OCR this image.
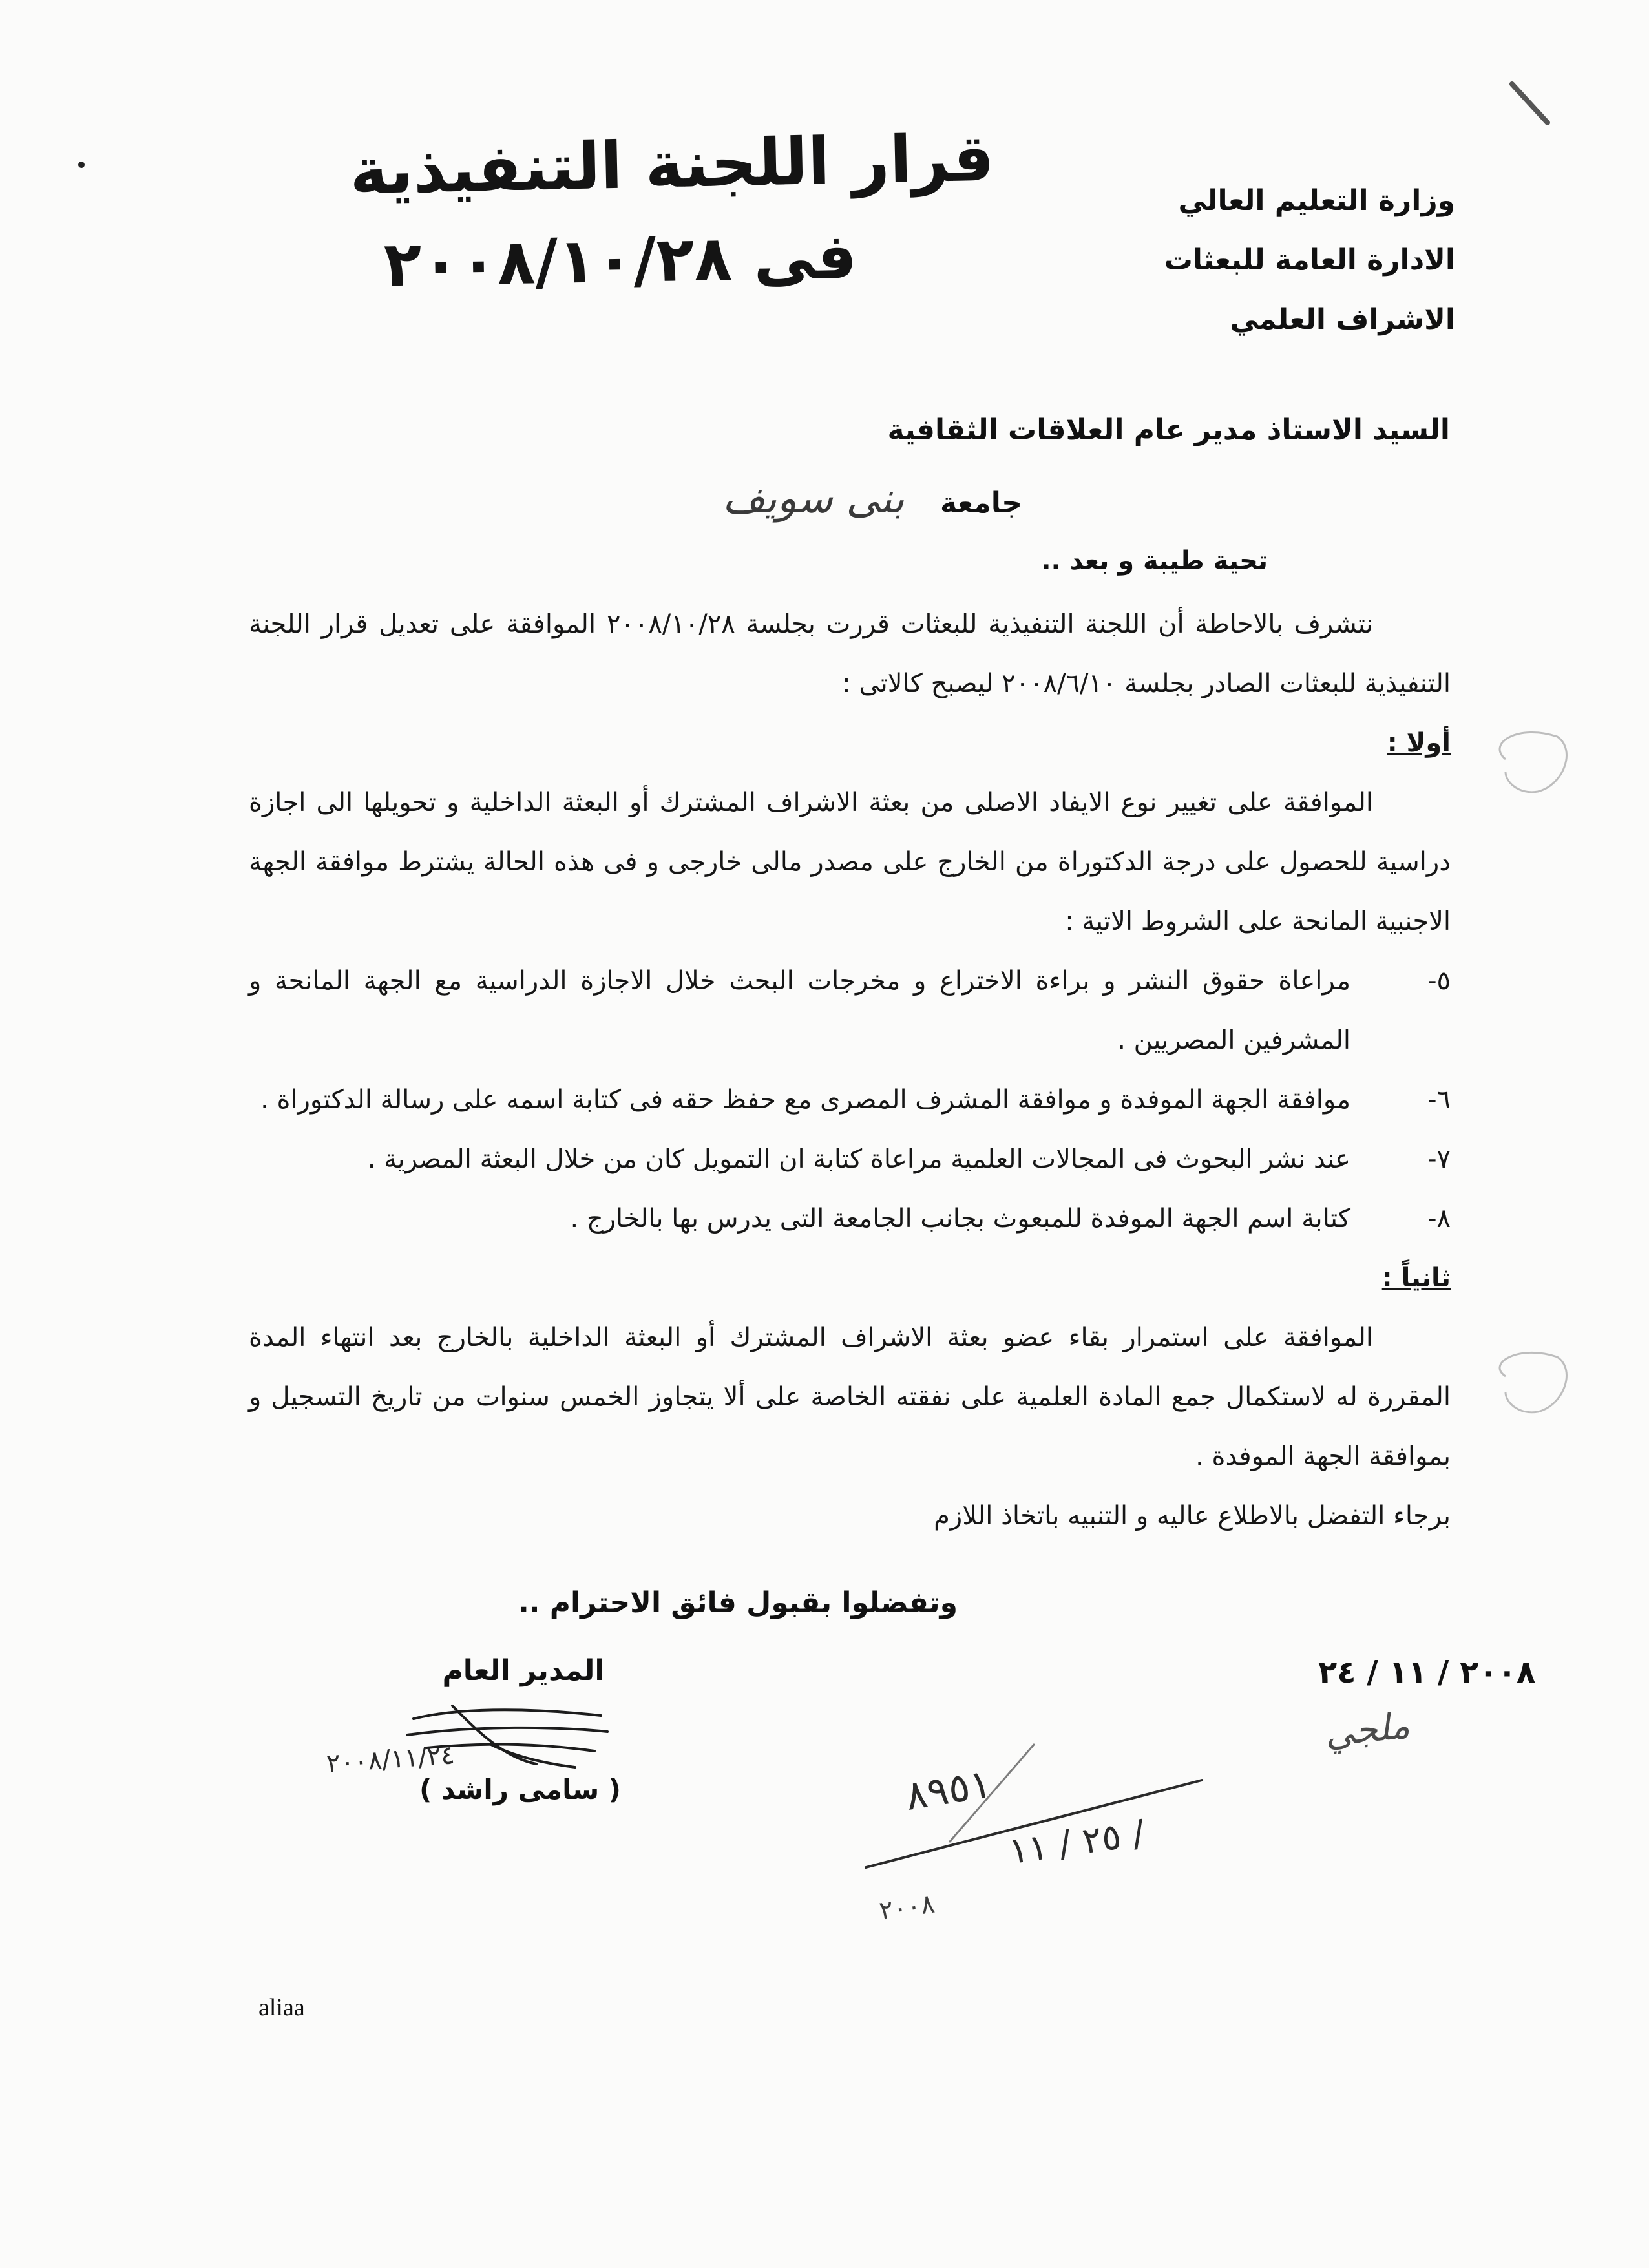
قرار اللجنة التنفيذية
فى ٢٠٠٨/١٠/٢٨
وزارة التعليم العالي
الادارة العامة للبعثات
الاشراف العلمي
السيد الاستاذ مدير عام العلاقات الثقافية
جامعة بنى سويف
تحية طيبة و بعد ..

نتشرف بالاحاطة أن اللجنة التنفيذية للبعثات قررت بجلسة ٢٠٠٨/١٠/٢٨ الموافقة على تعديل قرار اللجنة التنفيذية للبعثات الصادر بجلسة ٢٠٠٨/٦/١٠ ليصبح كالاتى :

أولا :

الموافقة على تغيير نوع الايفاد الاصلى من بعثة الاشراف المشترك أو البعثة الداخلية و تحويلها الى اجازة دراسية للحصول على درجة الدكتوراة من الخارج على مصدر مالى خارجى و فى هذه الحالة يشترط موافقة الجهة الاجنبية المانحة على الشروط الاتية :

٥-مراعاة حقوق النشر و براءة الاختراع و مخرجات البحث خلال الاجازة الدراسية مع الجهة المانحة و المشرفين المصريين .

٦-موافقة الجهة الموفدة و موافقة المشرف المصرى مع حفظ حقه فى كتابة اسمه على رسالة الدكتوراة .

٧-عند نشر البحوث فى المجالات العلمية مراعاة كتابة ان التمويل كان من خلال البعثة المصرية .

٨-كتابة اسم الجهة الموفدة للمبعوث بجانب الجامعة التى يدرس بها بالخارج .

ثانياً :

الموافقة على استمرار بقاء عضو بعثة الاشراف المشترك أو البعثة الداخلية بالخارج بعد انتهاء المدة المقررة له لاستكمال جمع المادة العلمية على نفقته الخاصة على ألا يتجاوز الخمس سنوات من تاريخ التسجيل و بموافقة الجهة الموفدة .

برجاء التفضل بالاطلاع عاليه و التنبيه باتخاذ اللازم

وتفضلوا بقبول فائق الاحترام ..
المدير العام
٢٠٠٨/١١/٢٤
( سامى راشد )
٢٠٠٨ / ١١ / ٢٤
ملجي
٨٩٥١
٢٥ / ١١ /
٢٠٠٨
aliaa
